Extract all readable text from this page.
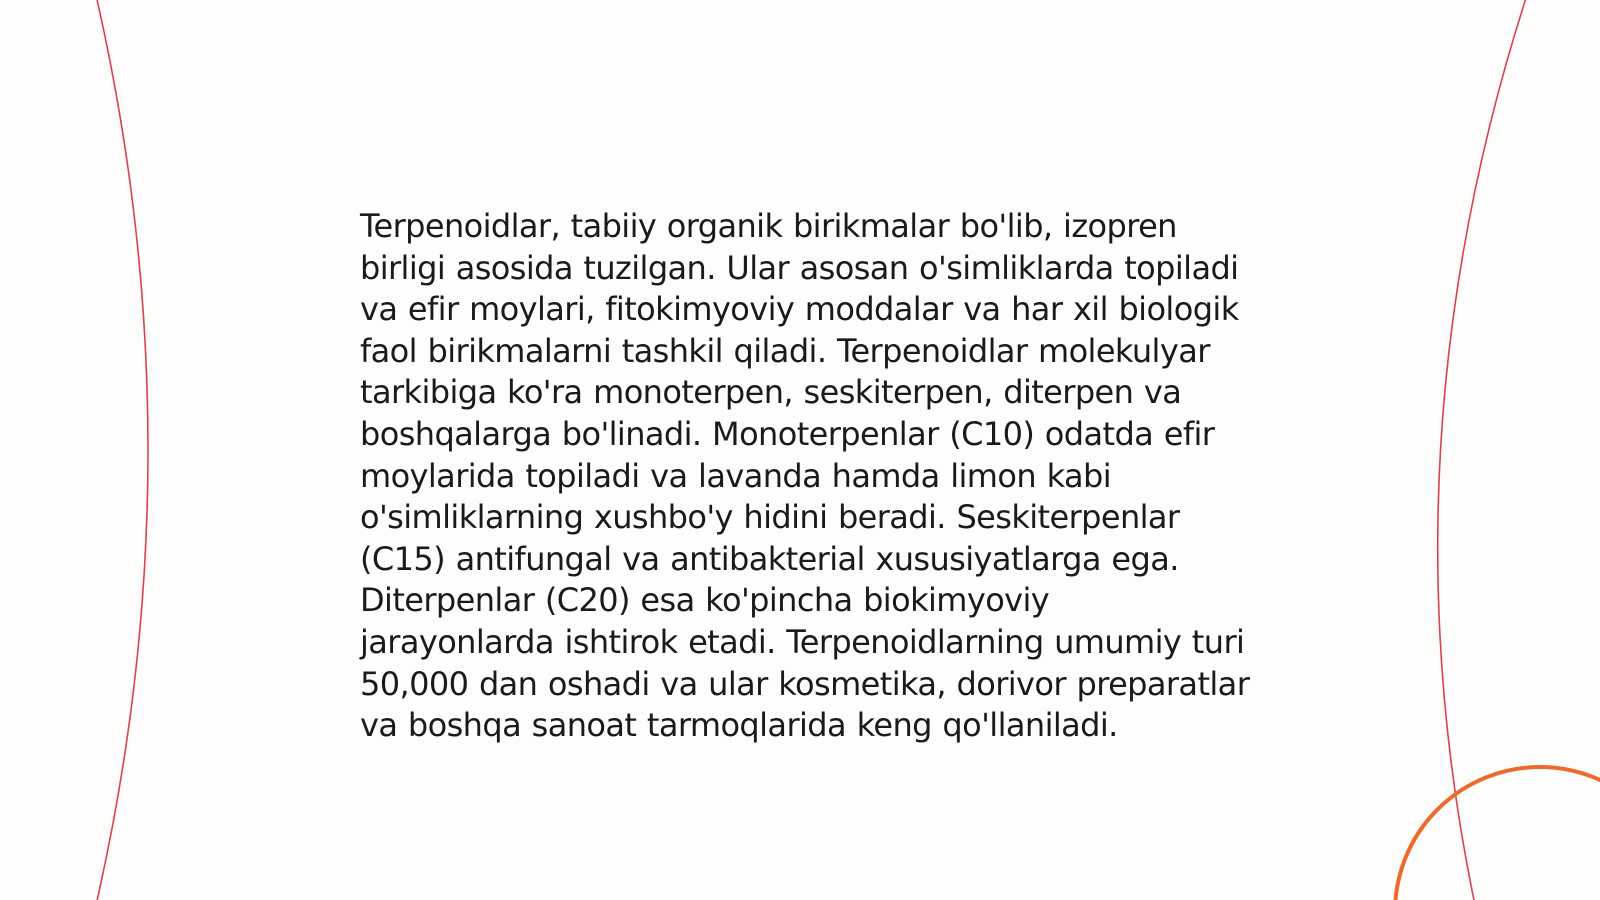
Terpenoidlar, tabiiy organik birikmalar bo'lib, izopren birligi asosida tuzilgan. Ular asosan o'simliklarda topiladi va efir moylari, fitokimyoviy moddalar va har xil biologik faol birikmalarni tashkil qiladi. Terpenoidlar molekulyar tarkibiga ko'ra monoterpen, seskiterpen, diterpen va boshqalarga bo'linadi. Monoterpenlar (C10) odatda efir moylarida topiladi va lavanda hamda limon kabi o'simliklarning xushbo'y hidini beradi. Seskiterpenlar (C15) antifungal va antibakterial xususiyatlarga ega. Diterpenlar (C20) esa ko'pincha biokimyoviy jarayonlarda ishtirok etadi. Terpenoidlarning umumiy turi 50,000 dan oshadi va ular kosmetika, dorivor preparatlar va boshqa sanoat tarmoqlarida keng qo'llaniladi.
